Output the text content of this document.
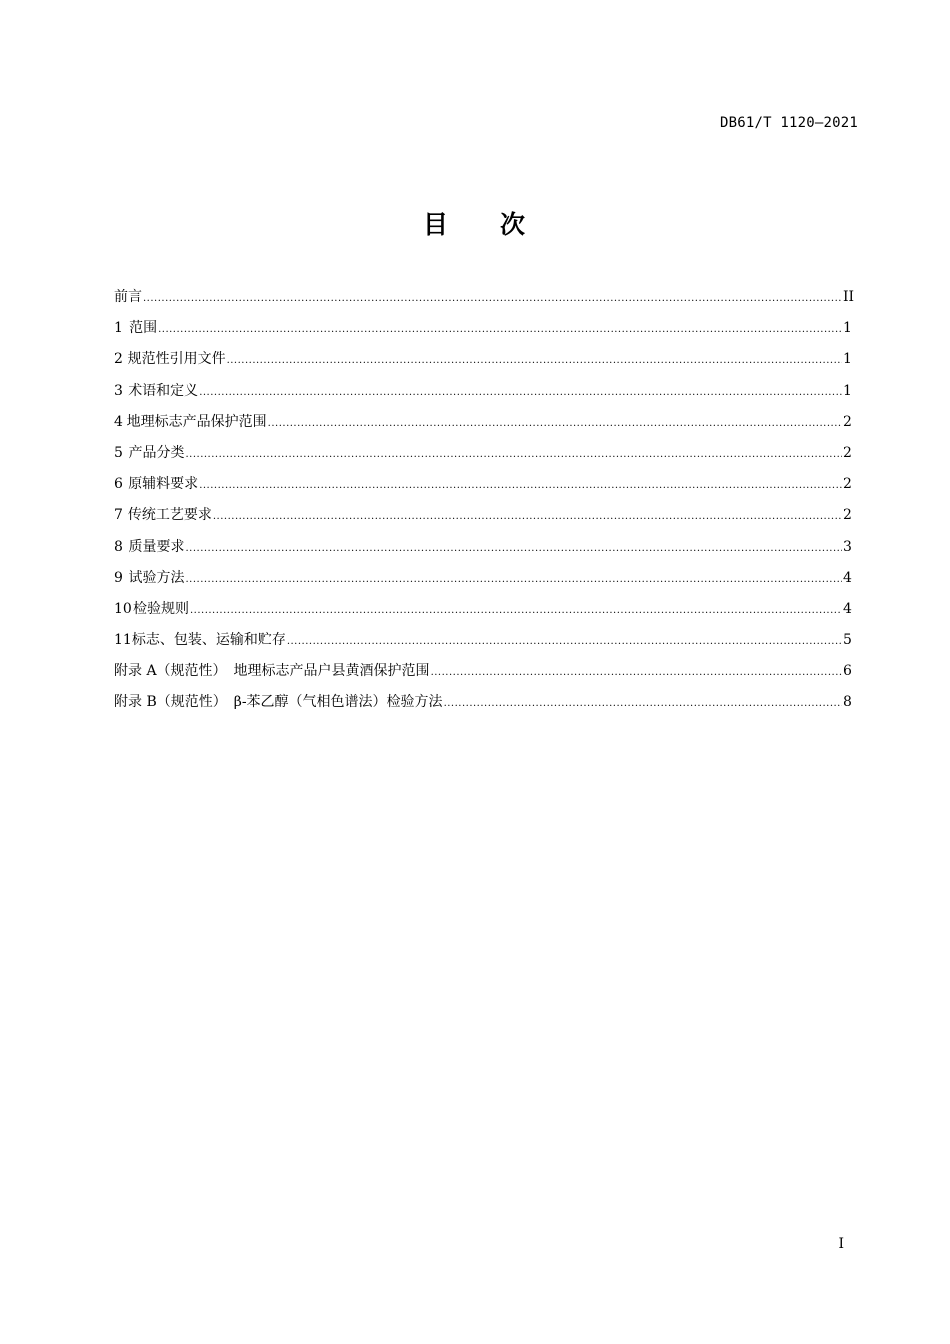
DB61/T 1120—2021
目 次
前言 .....	II
1 范围 .....	1
2 规范性引用文件 .....	1
3 术语和定义 .....	1
4 地理标志产品保护范围 .....	2
5 产品分类 .....	2
6 原辅料要求 .....	2
7 传统工艺要求 .....	2
8 质量要求 .....	3
9 试验方法 .....	4
10 检验规则 .....	4
11 标志、包装、运输和贮存 .....	5
附录 A（规范性）　地理标志产品户县黄酒保护范围 .....	6
附录 B（规范性）　β-苯乙醇（气相色谱法）检验方法 .....	8
I
